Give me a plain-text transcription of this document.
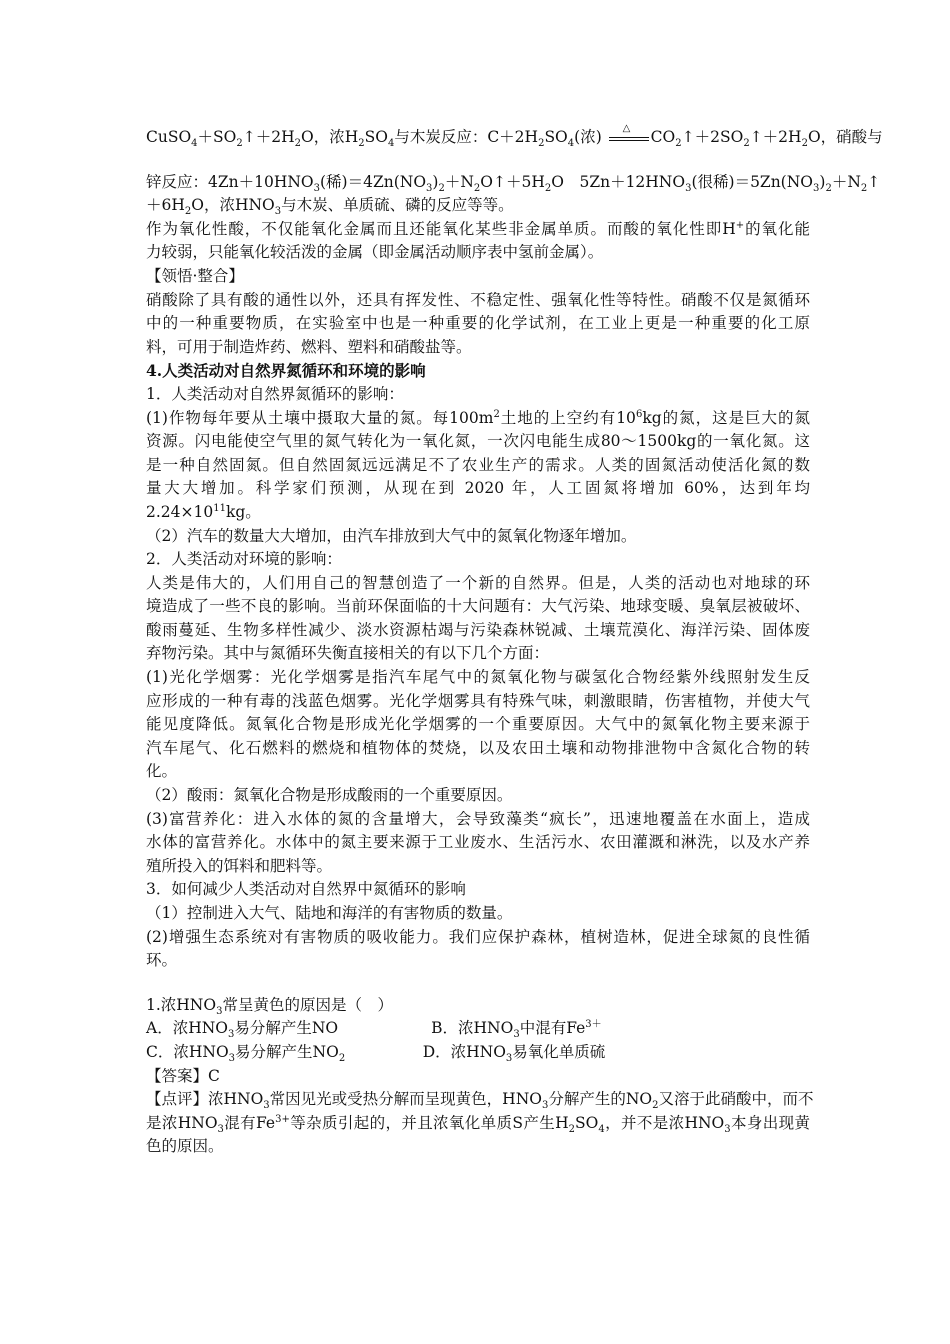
$CuSO_4+SO_2↑+2H_2O$，浓$H_2SO_4$与木炭反应：$C+2H_2SO_4$(浓) △ $CO_2↑+2SO_2↑+2H_2O$，硝酸与
锌反应：$4Zn+10HNO_3$(稀)$=4Zn(NO_3)_2+N_2O↑+5H_2O$　$5Zn+12HNO_3$(很稀)$=5Zn(NO_3)_2+N_2↑$
$+6H_2O$，浓$HNO_3$与木炭、单质硫、磷的反应等等。
作为氧化性酸，不仅能氧化金属而且还能氧化某些非金属单质。而酸的氧化性即H+的氧化能
力较弱，只能氧化较活泼的金属（即金属活动顺序表中氢前金属）。
【领悟·整合】
硝酸除了具有酸的通性以外，还具有挥发性、不稳定性、强氧化性等特性。硝酸不仅是氮循环
中的一种重要物质，在实验室中也是一种重要的化学试剂，在工业上更是一种重要的化工原
料，可用于制造炸药、燃料、塑料和硝酸盐等。
4.人类活动对自然界氮循环和环境的影响
1．人类活动对自然界氮循环的影响：
(1)作物每年要从土壤中摄取大量的氮。每$100m^2$土地的上空约有$10^6kg$的氮，这是巨大的氮
资源。闪电能使空气里的氮气转化为一氧化氮，一次闪电能生成80～1500kg的一氧化氮。这
是一种自然固氮。但自然固氮远远满足不了农业生产的需求。人类的固氮活动使活化氮的数
量大大增加。科学家们预测，从现在到 2020 年，人工固氮将增加 60%，达到年均
$2.24\times 10^{11}kg$。
（2）汽车的数量大大增加，由汽车排放到大气中的氮氧化物逐年增加。
2．人类活动对环境的影响：
人类是伟大的，人们用自己的智慧创造了一个新的自然界。但是，人类的活动也对地球的环
境造成了一些不良的影响。当前环保面临的十大问题有：大气污染、地球变暖、臭氧层被破坏、
酸雨蔓延、生物多样性减少、淡水资源枯竭与污染森林锐减、土壤荒漠化、海洋污染、固体废
弃物污染。其中与氮循环失衡直接相关的有以下几个方面：
(1)光化学烟雾：光化学烟雾是指汽车尾气中的氮氧化物与碳氢化合物经紫外线照射发生反
应形成的一种有毒的浅蓝色烟雾。光化学烟雾具有特殊气味，刺激眼睛，伤害植物，并使大气
能见度降低。氮氧化合物是形成光化学烟雾的一个重要原因。大气中的氮氧化物主要来源于
汽车尾气、化石燃料的燃烧和植物体的焚烧，以及农田土壤和动物排泄物中含氮化合物的转
化。
（2）酸雨：氮氧化合物是形成酸雨的一个重要原因。
(3)富营养化：进入水体的氮的含量增大，会导致藻类“疯长”，迅速地覆盖在水面上，造成
水体的富营养化。水体中的氮主要来源于工业废水、生活污水、农田灌溉和淋洗，以及水产养
殖所投入的饵料和肥料等。
3．如何减少人类活动对自然界中氮循环的影响
（1）控制进入大气、陆地和海洋的有害物质的数量。
(2)增强生态系统对有害物质的吸收能力。我们应保护森林，植树造林，促进全球氮的良性循
环。
1.浓$HNO_3$常呈黄色的原因是（　）
A．浓$HNO_3$易分解产生NO　　　　　　B．浓$HNO_3$中混有$Fe^{3+}$
C．浓$HNO_3$易分解产生$NO_2$　　　　　D．浓$HNO_3$易氧化单质硫
【答案】C
【点评】浓$HNO_3$常因见光或受热分解而呈现黄色，$HNO_3$分解产生的$NO_2$又溶于此硝酸中，而不
是浓$HNO_3$混有$Fe^{3+}$等杂质引起的，并且浓氧化单质S产生$H_2SO_4$，并不是浓$HNO_3$本身出现黄
色的原因。
